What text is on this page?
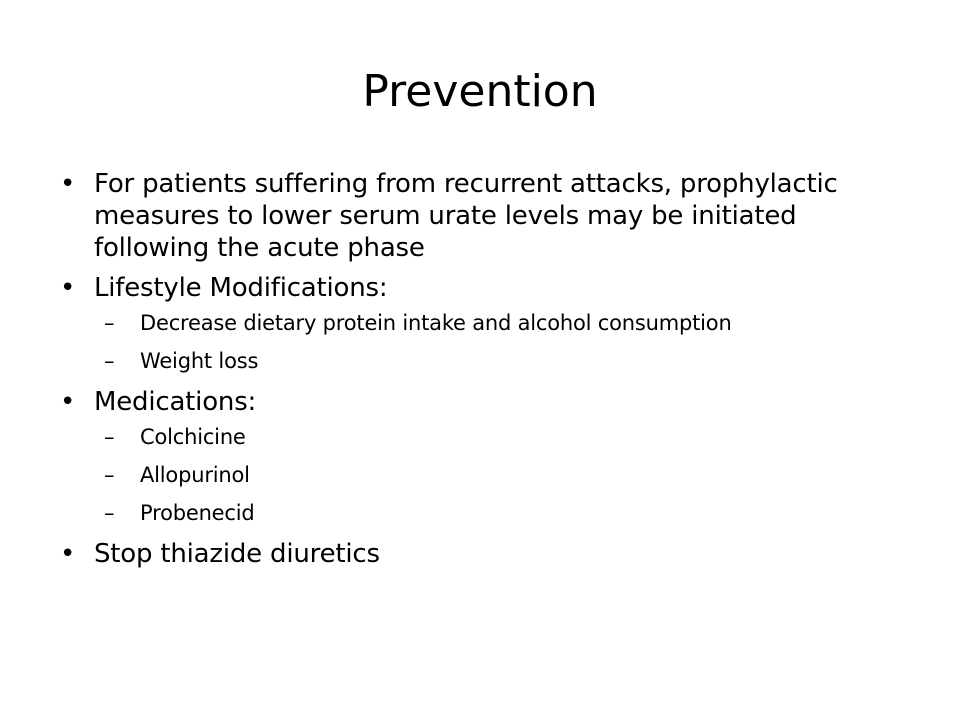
Prevention
• For patients suffering from recurrent attacks, prophylactic measures to lower serum urate levels may be initiated following the acute phase
• Lifestyle Modifications:
– Decrease dietary protein intake and alcohol consumption
– Weight loss
• Medications:
– Colchicine
– Allopurinol
– Probenecid
• Stop thiazide diuretics
